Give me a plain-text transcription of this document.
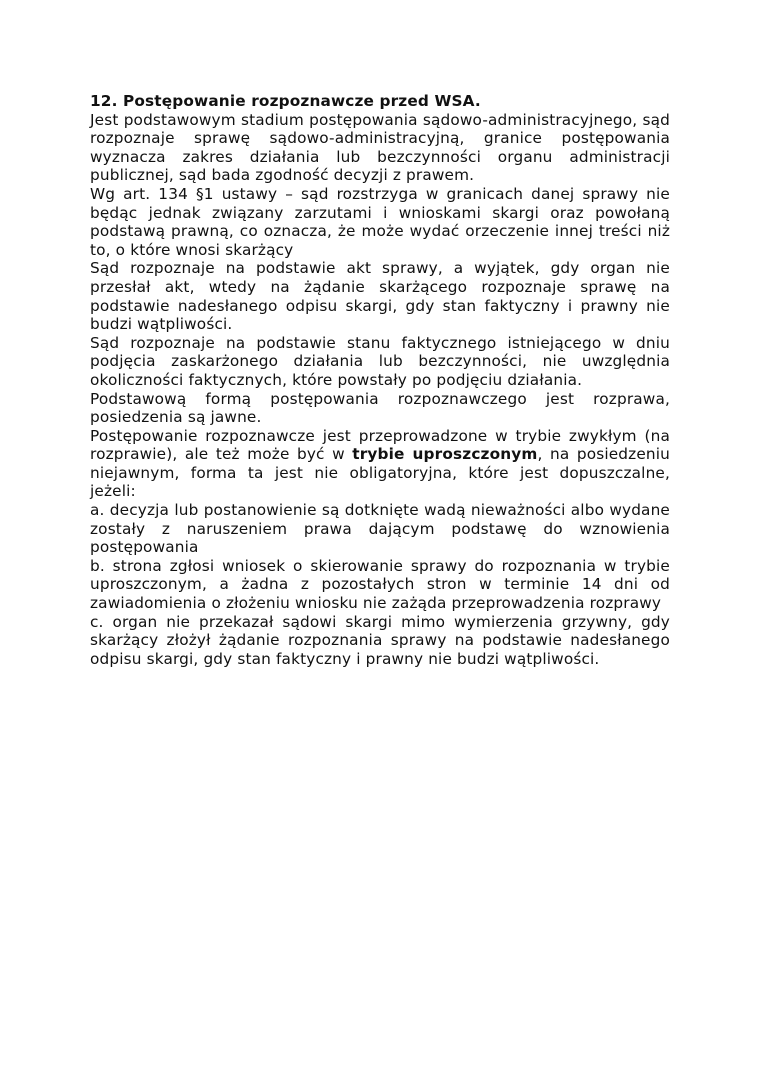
12. Postępowanie rozpoznawcze przed WSA.

Jest podstawowym stadium postępowania sądowo-administracyjnego, sąd rozpoznaje sprawę sądowo-administracyjną, granice postępowania wyznacza zakres działania lub bezczynności organu administracji publicznej, sąd bada zgodność decyzji z prawem.

Wg art. 134 §1 ustawy – sąd rozstrzyga w granicach danej sprawy nie będąc jednak związany zarzutami i wnioskami skargi oraz powołaną podstawą prawną, co oznacza, że może wydać orzeczenie innej treści niż to, o które wnosi skarżący

Sąd rozpoznaje na podstawie akt sprawy, a wyjątek, gdy organ nie przesłał akt, wtedy na żądanie skarżącego rozpoznaje sprawę na podstawie nadesłanego odpisu skargi, gdy stan faktyczny i prawny nie budzi wątpliwości.

Sąd rozpoznaje na podstawie stanu faktycznego istniejącego w dniu podjęcia zaskarżonego działania lub bezczynności, nie uwzględnia okoliczności faktycznych, które powstały po podjęciu działania.

Podstawową formą postępowania rozpoznawczego jest rozprawa, posiedzenia są jawne.

Postępowanie rozpoznawcze jest przeprowadzone w trybie zwykłym (na rozprawie), ale też może być w trybie uproszczonym, na posiedzeniu niejawnym, forma ta jest nie obligatoryjna, które jest dopuszczalne, jeżeli:

a. decyzja lub postanowienie są dotknięte wadą nieważności albo wydane zostały z naruszeniem prawa dającym podstawę do wznowienia postępowania

b. strona zgłosi wniosek o skierowanie sprawy do rozpoznania w trybie uproszczonym, a żadna z pozostałych stron w terminie 14 dni od zawiadomienia o złożeniu wniosku nie zażąda przeprowadzenia rozprawy

c. organ nie przekazał sądowi skargi mimo wymierzenia grzywny, gdy skarżący złożył żądanie rozpoznania sprawy na podstawie nadesłanego odpisu skargi, gdy stan faktyczny i prawny nie budzi wątpliwości.
